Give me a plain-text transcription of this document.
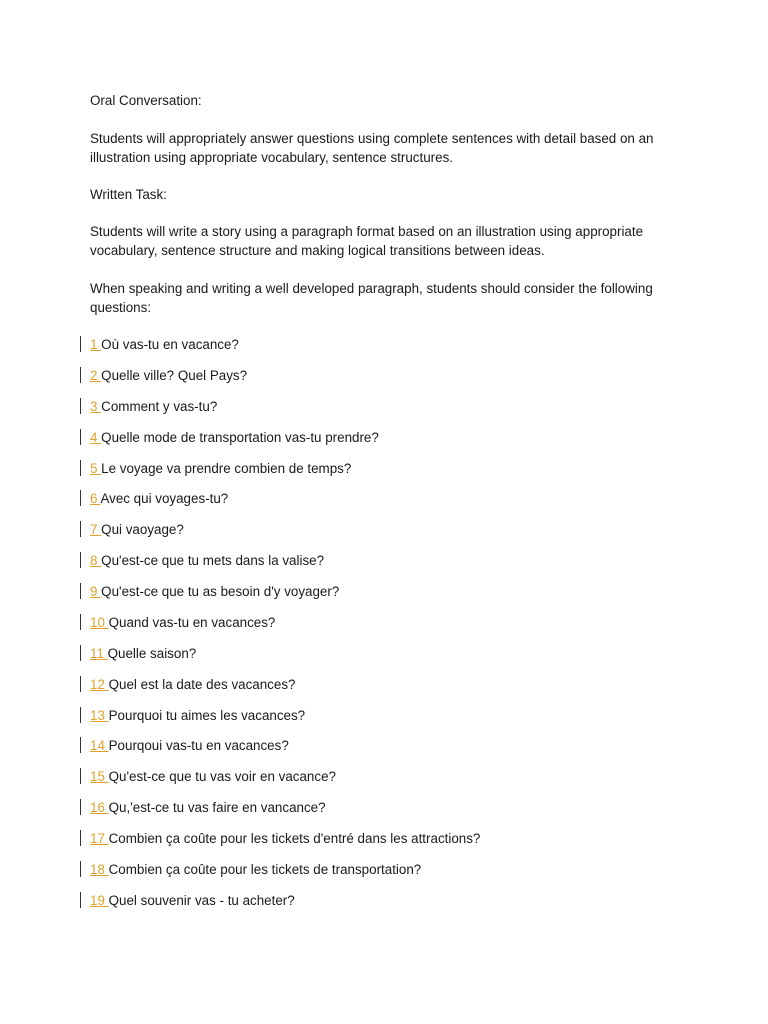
Oral Conversation:

Students will appropriately answer questions using complete sentences with detail based on an illustration using appropriate vocabulary, sentence structures.

Written Task:

Students will write a story using a paragraph format based on an illustration using appropriate vocabulary, sentence structure and making logical transitions between ideas.

When speaking and writing a well developed paragraph, students should consider the following questions:

1 Où vas-tu en vacance?
2 Quelle ville? Quel Pays?
3 Comment y vas-tu?
4 Quelle mode de transportation vas-tu prendre?
5 Le voyage va prendre combien de temps?
6 Avec qui voyages-tu?
7 Qui vaoyage?
8 Qu'est-ce que tu mets dans la valise?
9 Qu'est-ce que tu as besoin d'y voyager?
10 Quand vas-tu en vacances?
11 Quelle saison?
12 Quel est la date des vacances?
13 Pourquoi tu aimes les vacances?
14 Pourqoui vas-tu en vacances?
15 Qu'est-ce que tu vas voir en vacance?
16 Qu,'est-ce tu vas faire en vancance?
17 Combien ça coûte pour les tickets d'entré dans les attractions?
18 Combien ça coûte pour les tickets de transportation?
19 Quel souvenir vas - tu acheter?
